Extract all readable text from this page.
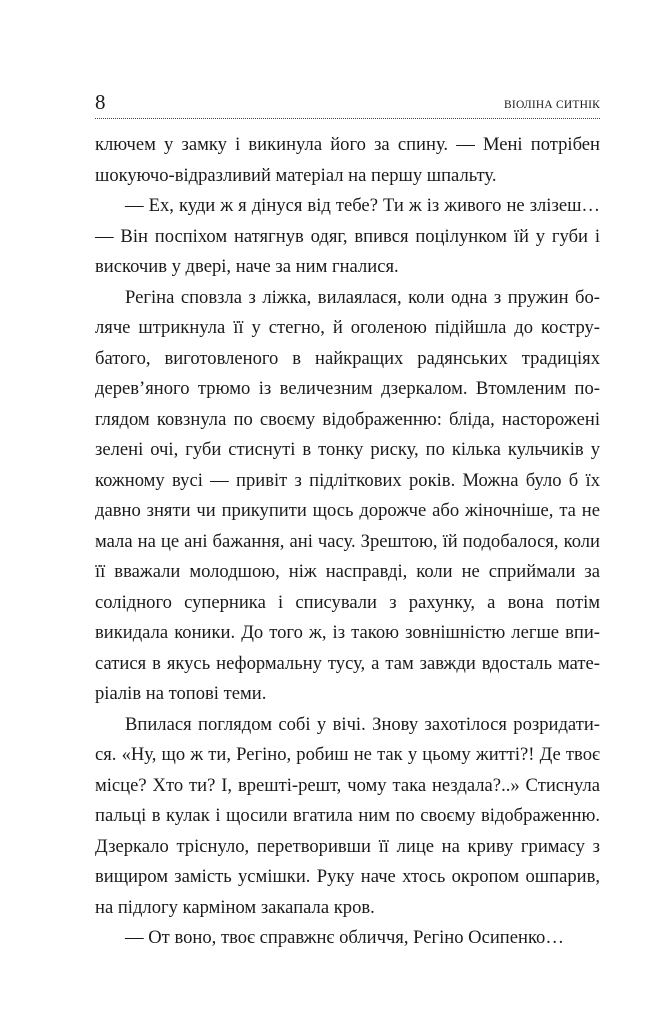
8	ВІОЛІНА СИТНІК

ключем у замку і викинула його за спину. — Мені потрібен шокуючо-відразливий матеріал на першу шпальту.

— Ех, куди ж я дінуся від тебе? Ти ж із живого не злізеш… — Він поспіхом натягнув одяг, впився поцілунком їй у губи і вискочив у двері, наче за ним гналися.

Регіна сповзла з ліжка, вилаялася, коли одна з пружин боляче штрикнула її у стегно, й оголеною підійшла до кострубатого, виготовленого в найкращих радянських традиціях дерев’яного трюмо із величезним дзеркалом. Втомленим поглядом ковзнула по своєму відображенню: бліда, насторожeні зелені очі, губи стиснуті в тонку риску, по кілька кульчиків у кожному вусі — привіт з підліткових років. Можна було б їх давно зняти чи прикупити щось дорожче або жіночніше, та не мала на це ані бажання, ані часу. Зрештою, їй подобалося, коли її вважали молодшою, ніж насправді, коли не сприймали за солідного суперника і списували з рахунку, а вона потім викидала коники. До того ж, із такою зовнішністю легше вписатися в якусь неформальну тусу, а там завжди вдосталь матеріалів на топові теми.

Впилася поглядом собі у вічі. Знову захотілося розридатися. «Ну, що ж ти, Регіно, робиш не так у цьому житті?! Де твоє місце? Хто ти? І, врешті-решт, чому така нездала?..» Стиснула пальці в кулак і щосили вгатила ним по своєму відображенню. Дзеркало тріснуло, перетворивши її лице на криву гримасу з вищиром замість усмішки. Руку наче хтось окропом ошпарив, на підлогу карміном закапала кров.

— От воно, твоє справжнє обличчя, Регіно Осипенко…
